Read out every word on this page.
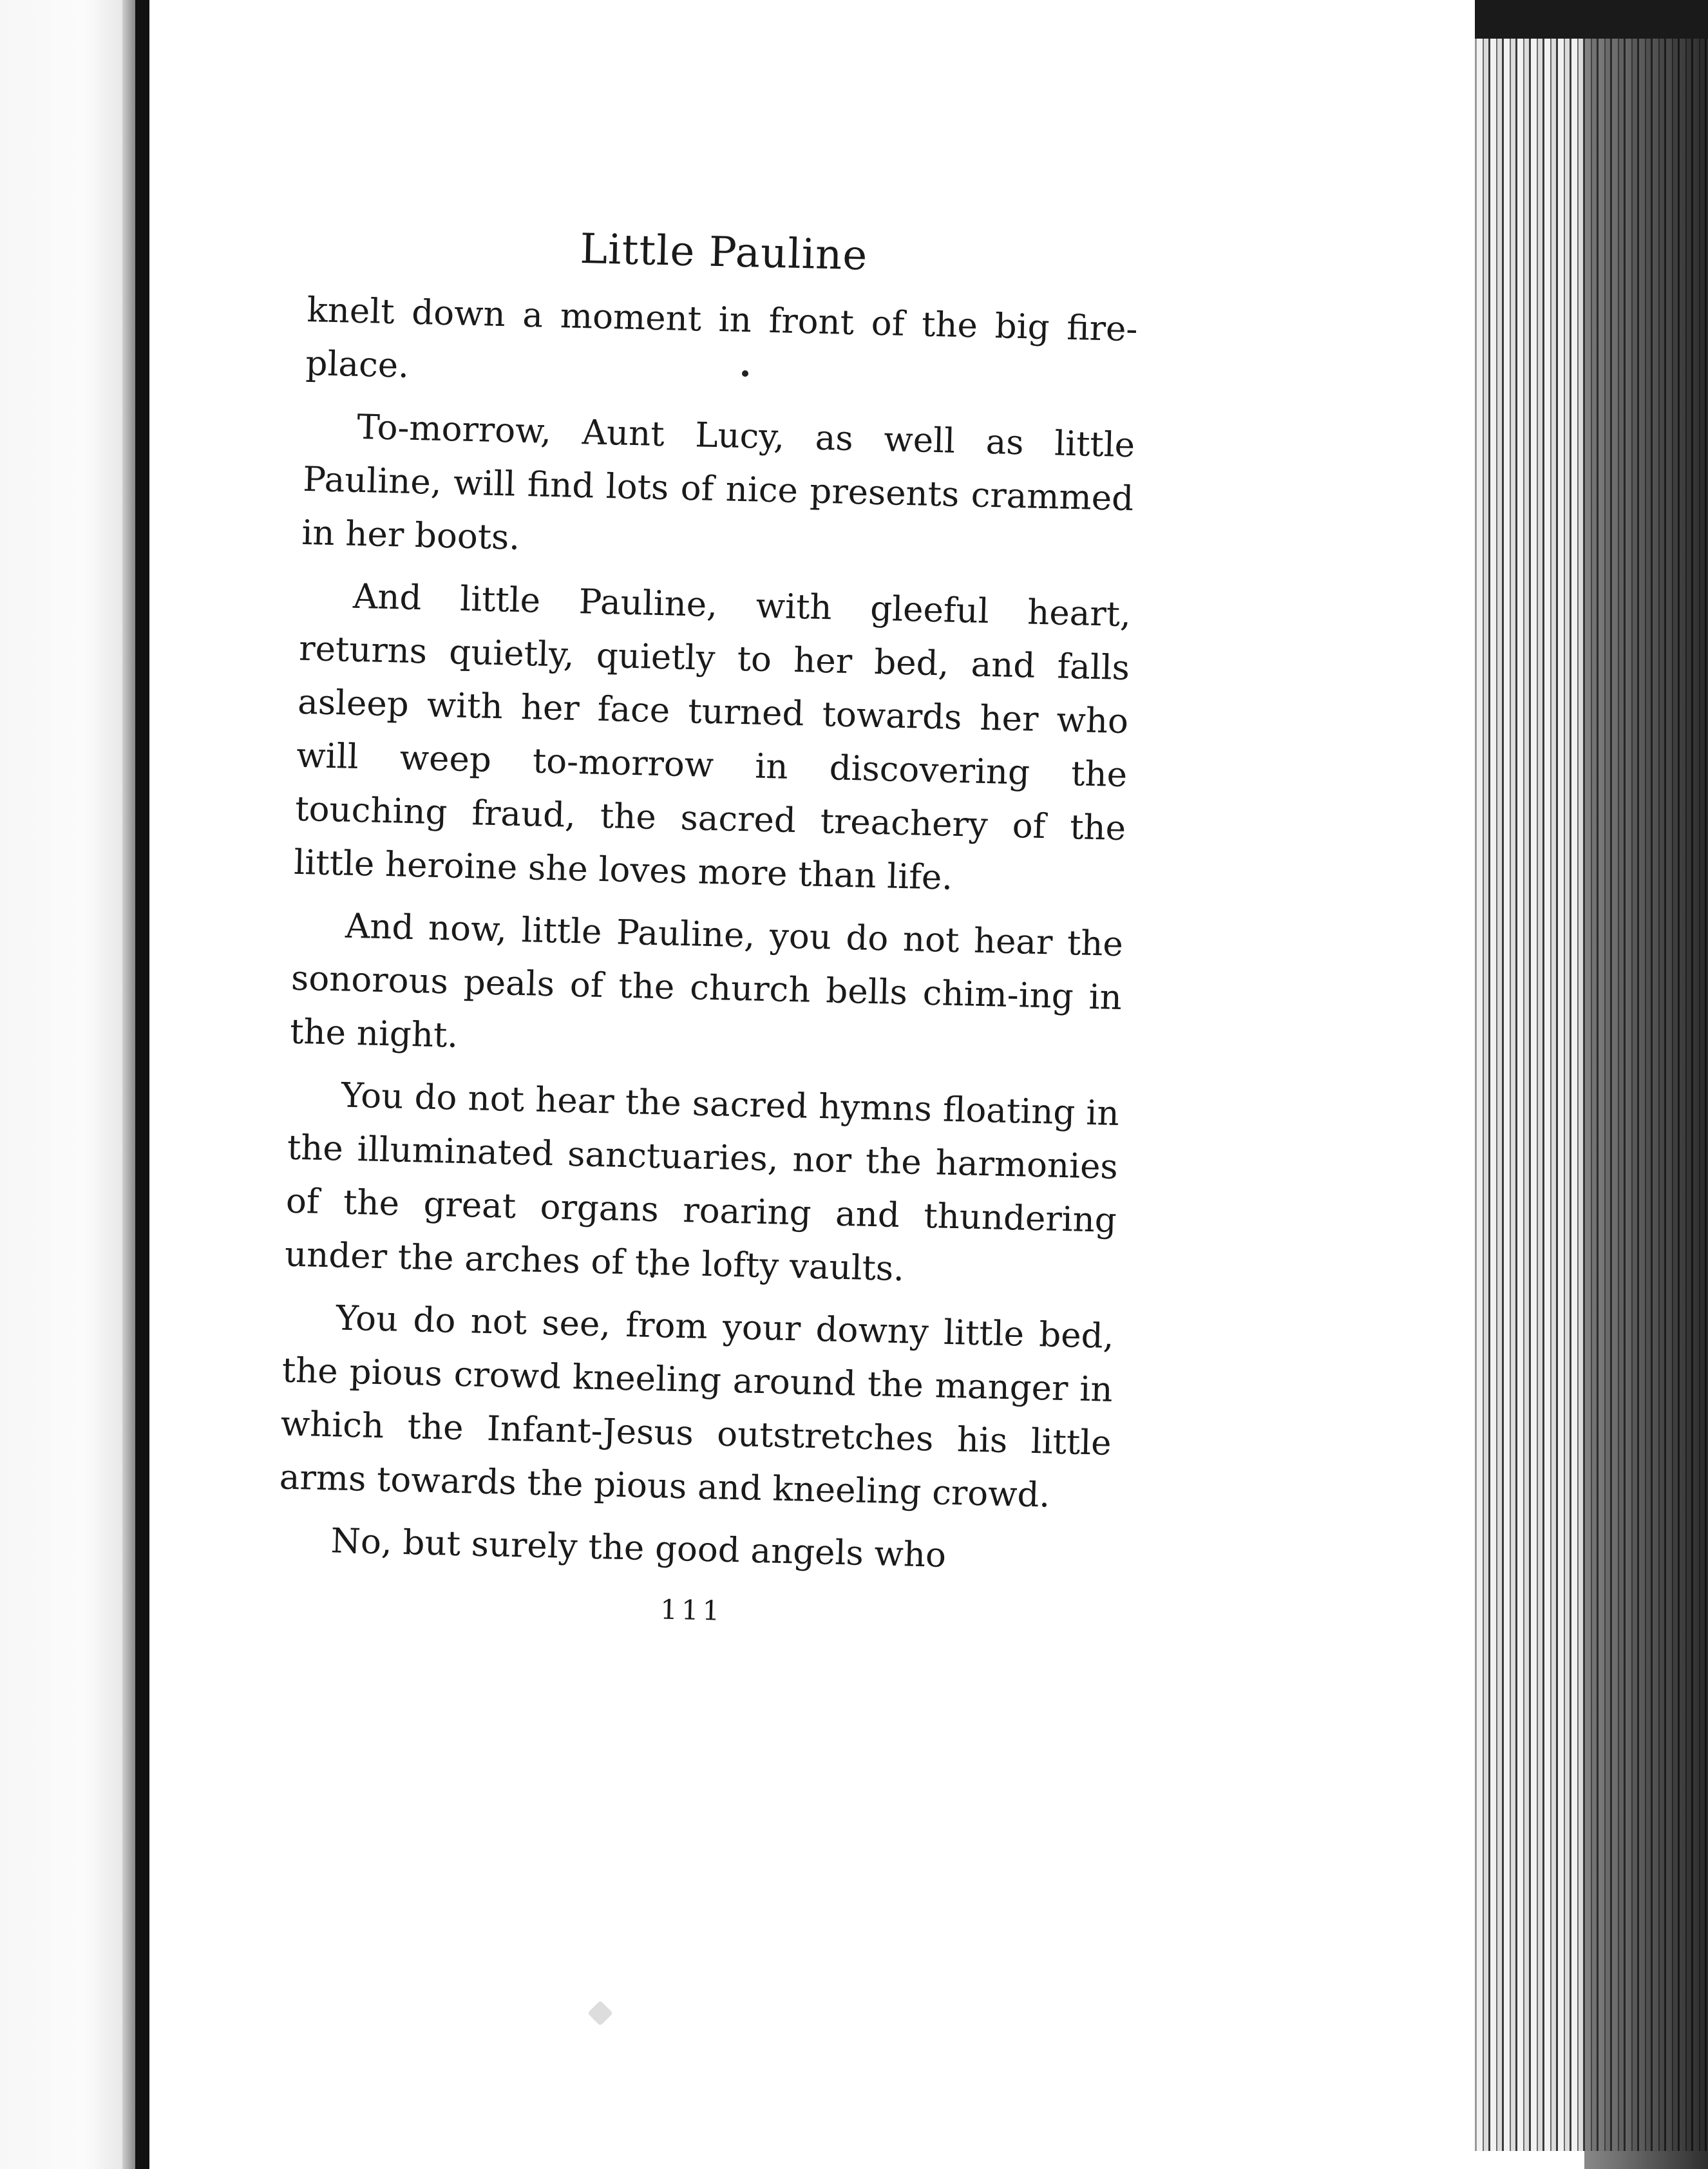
Little Pauline

knelt down a moment in front of the big fire-place.

To-morrow, Aunt Lucy, as well as little Pauline, will find lots of nice presents crammed in her boots.

And little Pauline, with gleeful heart, returns quietly, quietly to her bed, and falls asleep with her face turned towards her who will weep to-morrow in discovering the touching fraud, the sacred treachery of the little heroine she loves more than life.

And now, little Pauline, you do not hear the sonorous peals of the church bells chim-ing in the night.

You do not hear the sacred hymns floating in the illuminated sanctuaries, nor the harmonies of the great organs roaring and thundering under the arches of the lofty vaults.

You do not see, from your downy little bed, the pious crowd kneeling around the manger in which the Infant-Jesus outstretches his little arms towards the pious and kneeling crowd.

No, but surely the good angels who

111
